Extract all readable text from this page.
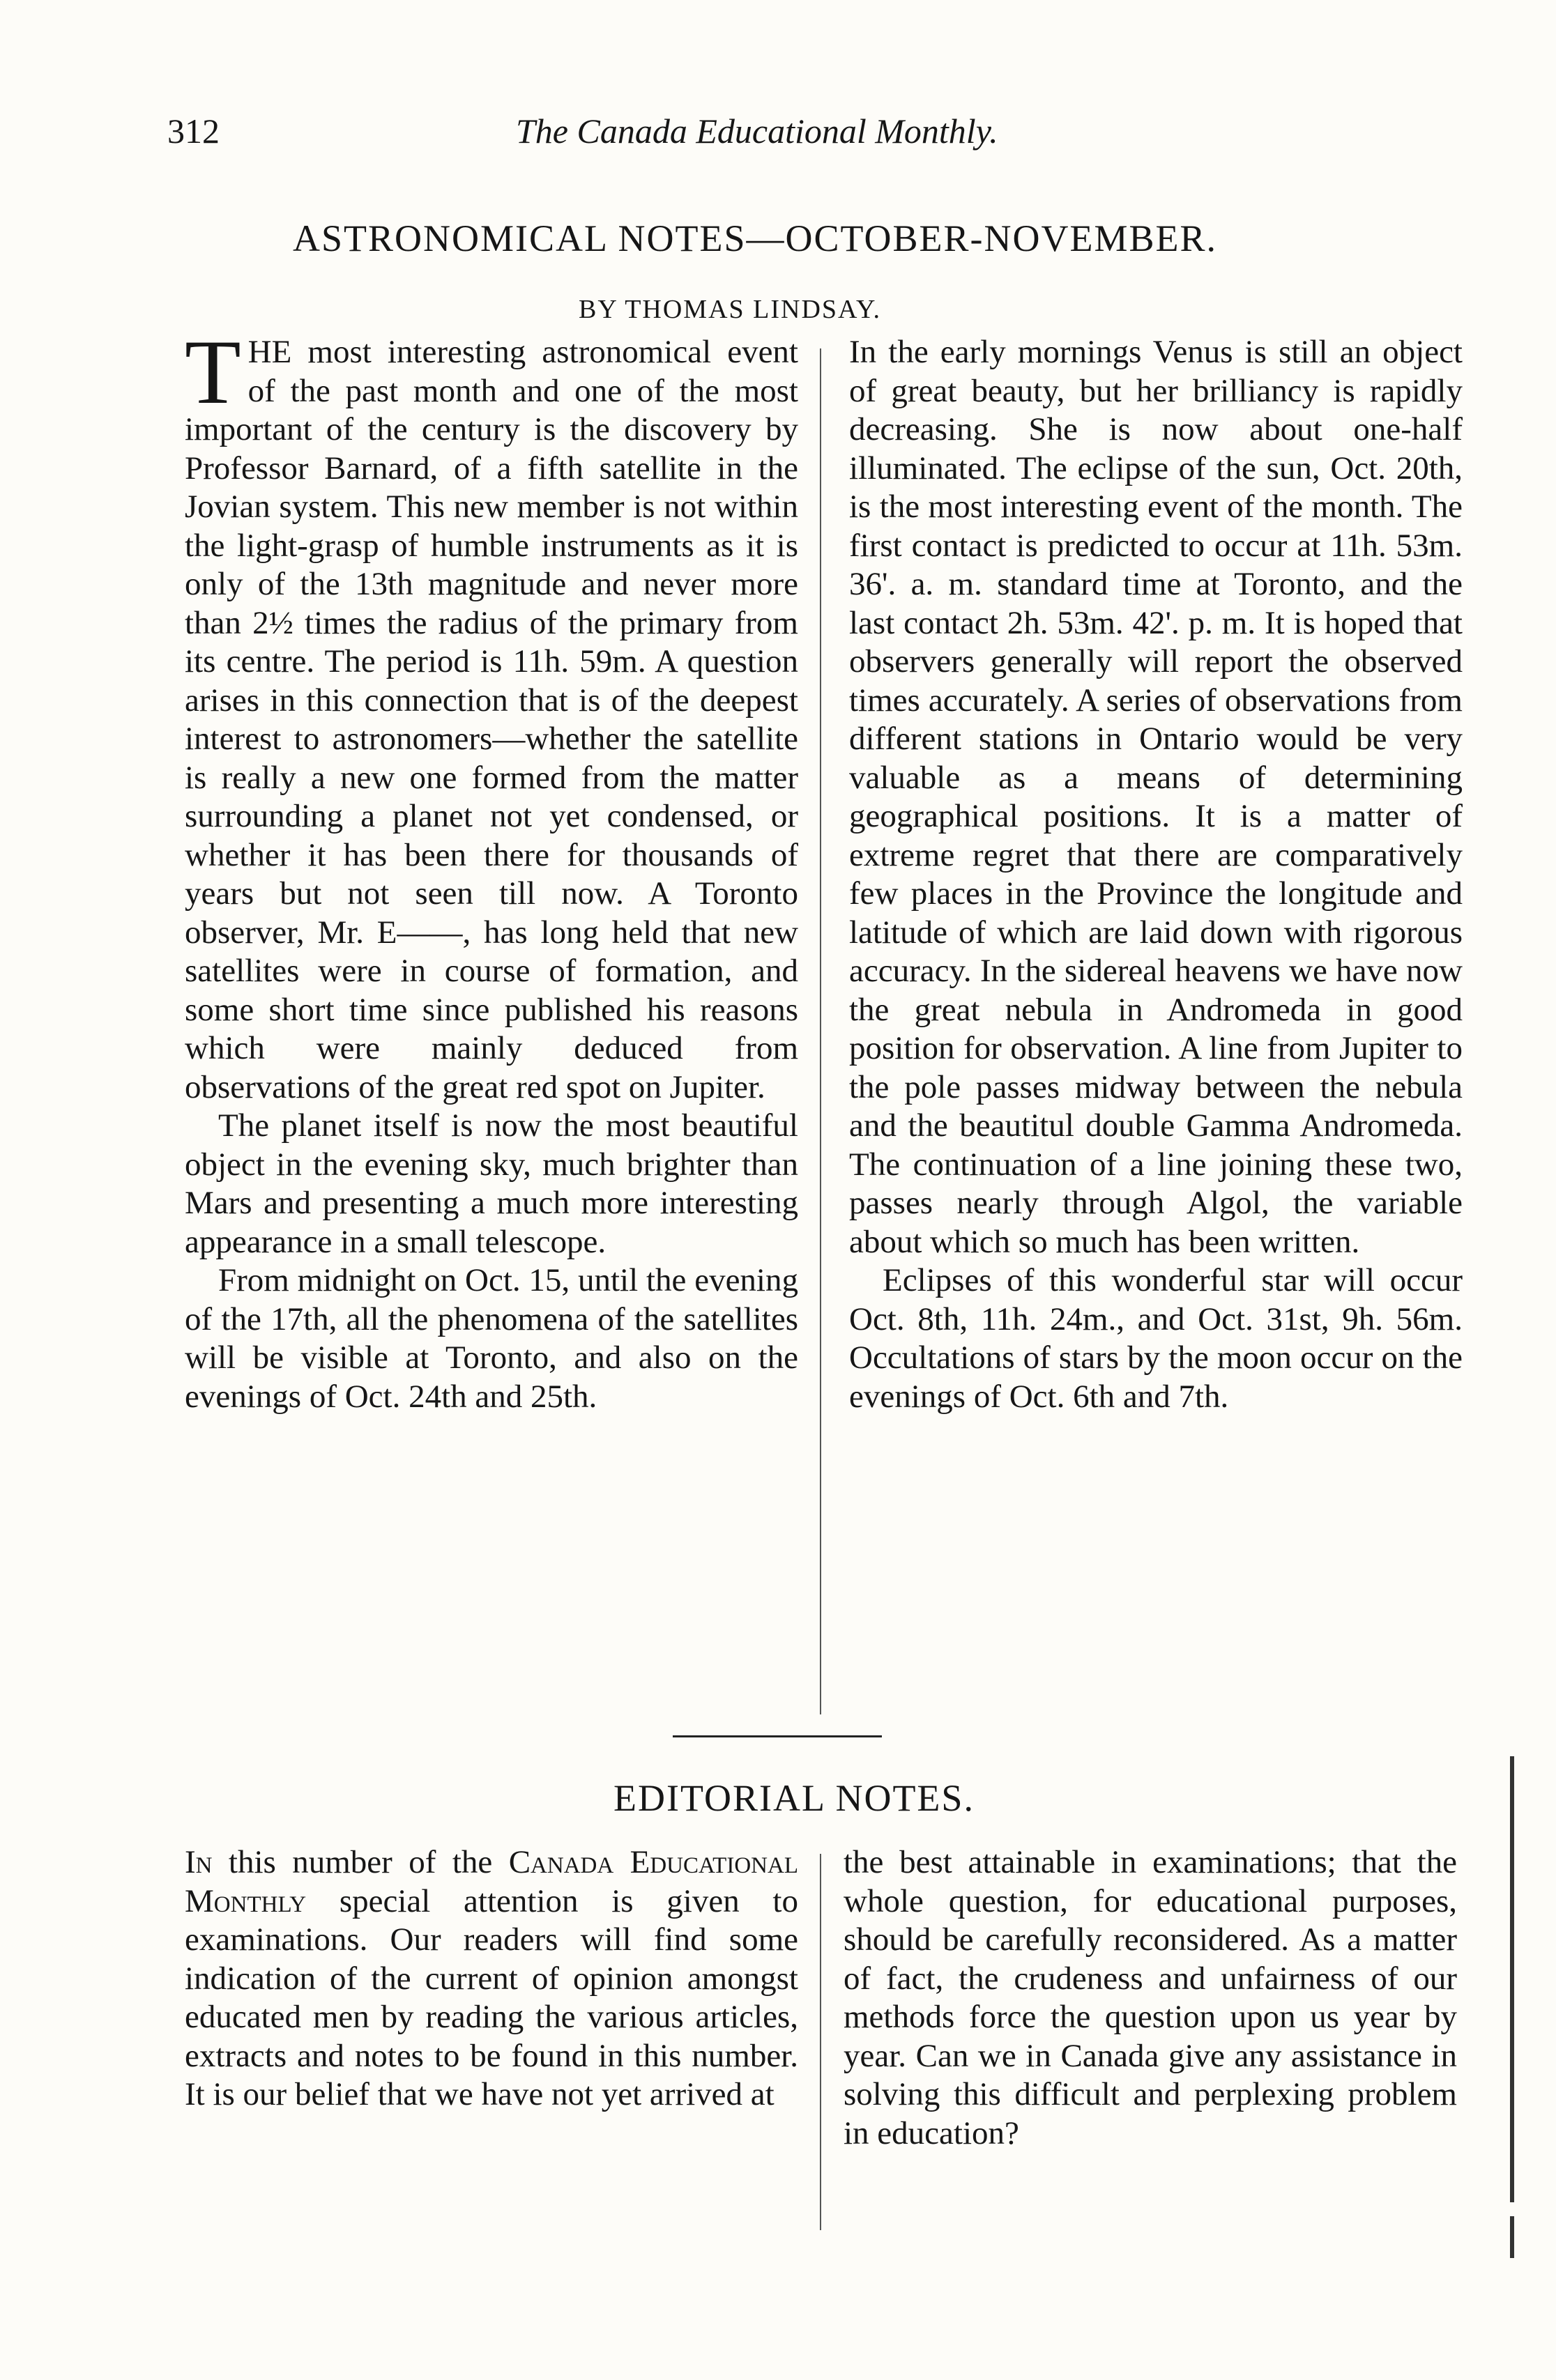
312	The Canada Educational Monthly.
ASTRONOMICAL NOTES—OCTOBER-NOVEMBER.
BY THOMAS LINDSAY.

THE most interesting astronomical event of the past month and one of the most important of the century is the discovery by Professor Barnard, of a fifth satellite in the Jovian system. This new member is not within the light-grasp of humble instruments as it is only of the 13th magnitude and never more than 2½ times the radius of the primary from its centre. The period is 11h. 59m. A question arises in this connection that is of the deepest interest to astronomers—whether the satellite is really a new one formed from the matter surrounding a planet not yet condensed, or whether it has been there for thousands of years but not seen till now. A Toronto observer, Mr. E——, has long held that new satellites were in course of formation, and some short time since published his reasons which were mainly deduced from observations of the great red spot on Jupiter.

The planet itself is now the most beautiful object in the evening sky, much brighter than Mars and presenting a much more interesting appearance in a small telescope.

From midnight on Oct. 15, until the evening of the 17th, all the phenomena of the satellites will be visible at Toronto, and also on the evenings of Oct. 24th and 25th.

In the early mornings Venus is still an object of great beauty, but her brilliancy is rapidly decreasing. She is now about one-half illuminated. The eclipse of the sun, Oct. 20th, is the most interesting event of the month. The first contact is predicted to occur at 11h. 53m. 36'. a. m. standard time at Toronto, and the last contact 2h. 53m. 42'. p. m. It is hoped that observers generally will report the observed times accurately. A series of observations from different stations in Ontario would be very valuable as a means of determining geographical positions. It is a matter of extreme regret that there are comparatively few places in the Province the longitude and latitude of which are laid down with rigorous accuracy. In the sidereal heavens we have now the great nebula in Andromeda in good position for observation. A line from Jupiter to the pole passes midway between the nebula and the beautitul double Gamma Andromeda. The continuation of a line joining these two, passes nearly through Algol, the variable about which so much has been written.

Eclipses of this wonderful star will occur Oct. 8th, 11h. 24m., and Oct. 31st, 9h. 56m. Occultations of stars by the moon occur on the evenings of Oct. 6th and 7th.

EDITORIAL NOTES.

In this number of the Canada Educational Monthly special attention is given to examinations. Our readers will find some indication of the current of opinion amongst educated men by reading the various articles, extracts and notes to be found in this number. It is our belief that we have not yet arrived at

the best attainable in examinations; that the whole question, for educational purposes, should be carefully reconsidered. As a matter of fact, the crudeness and unfairness of our methods force the question upon us year by year. Can we in Canada give any assistance in solving this difficult and perplexing problem in education?
